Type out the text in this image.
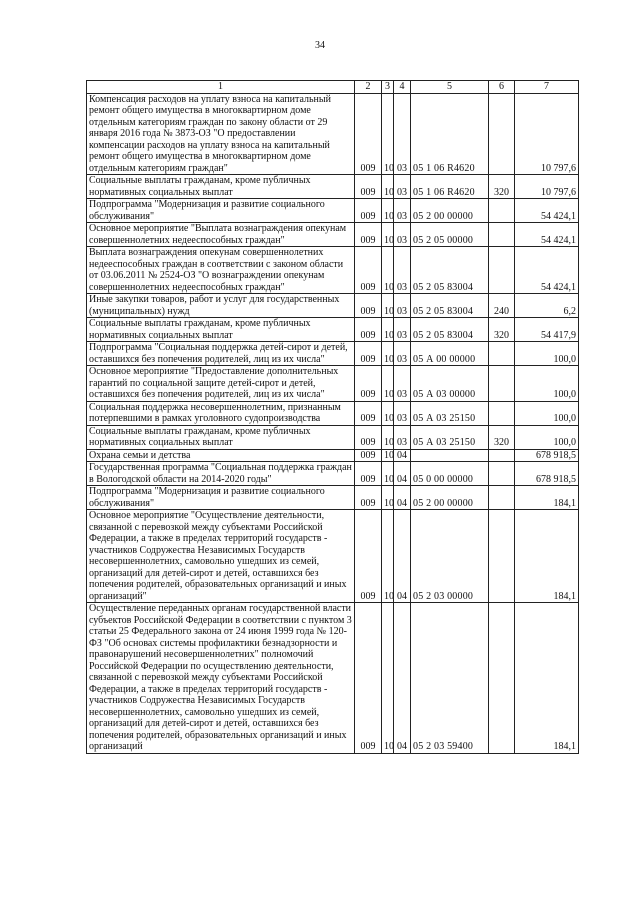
34
1	2	3	4	5	6	7
Компенсация расходов на уплату взноса на капитальный ремонт общего имущества в многоквартирном доме отдельным категориям граждан по закону области от 29 января 2016 года № 3873-ОЗ "О предоставлении компенсации расходов на уплату взноса на капитальный ремонт общего имущества в многоквартирном доме отдельным категориям граждан"	009	10	03	05 1 06 R4620		10 797,6
Социальные выплаты гражданам, кроме публичных нормативных социальных выплат	009	10	03	05 1 06 R4620	320	10 797,6
Подпрограмма "Модернизация и развитие социального обслуживания"	009	10	03	05 2 00 00000		54 424,1
Основное мероприятие "Выплата вознаграждения опекунам совершеннолетних недееспособных граждан"	009	10	03	05 2 05 00000		54 424,1
Выплата вознаграждения опекунам совершеннолетних недееспособных граждан в соответствии с законом области от 03.06.2011 № 2524-ОЗ "О вознаграждении опекунам совершеннолетних недееспособных граждан"	009	10	03	05 2 05 83004		54 424,1
Иные закупки товаров, работ и услуг для государственных (муниципальных) нужд	009	10	03	05 2 05 83004	240	6,2
Социальные выплаты гражданам, кроме публичных нормативных социальных выплат	009	10	03	05 2 05 83004	320	54 417,9
Подпрограмма "Социальная поддержка детей-сирот и детей, оставшихся без попечения родителей, лиц из их числа"	009	10	03	05 А 00 00000		100,0
Основное мероприятие "Предоставление дополнительных гарантий по социальной защите детей-сирот и детей, оставшихся без попечения родителей, лиц из их числа"	009	10	03	05 А 03 00000		100,0
Социальная поддержка несовершеннолетним, признанным потерпевшими в рамках уголовного судопроизводства	009	10	03	05 А 03 25150		100,0
Социальные выплаты гражданам, кроме публичных нормативных социальных выплат	009	10	03	05 А 03 25150	320	100,0
Охрана семьи и детства	009	10	04			678 918,5
Государственная программа "Социальная поддержка граждан в Вологодской области на 2014-2020 годы"	009	10	04	05 0 00 00000		678 918,5
Подпрограмма "Модернизация и развитие социального обслуживания"	009	10	04	05 2 00 00000		184,1
Основное мероприятие "Осуществление деятельности, связанной с перевозкой между субъектами Российской Федерации, а также в пределах территорий государств - участников Содружества Независимых Государств несовершеннолетних, самовольно ушедших из семей, организаций для детей-сирот и детей, оставшихся без попечения родителей, образовательных организаций и иных организаций"	009	10	04	05 2 03 00000		184,1
Осуществление переданных органам государственной власти субъектов Российской Федерации в соответствии с пунктом 3 статьи 25 Федерального закона от 24 июня 1999 года № 120-ФЗ "Об основах системы профилактики безнадзорности и правонарушений несовершеннолетних" полномочий Российской Федерации по осуществлению деятельности, связанной с перевозкой между субъектами Российской Федерации, а также в пределах территорий государств - участников Содружества Независимых Государств несовершеннолетних, самовольно ушедших из семей, организаций для детей-сирот и детей, оставшихся без попечения родителей, образовательных организаций и иных организаций	009	10	04	05 2 03 59400		184,1
